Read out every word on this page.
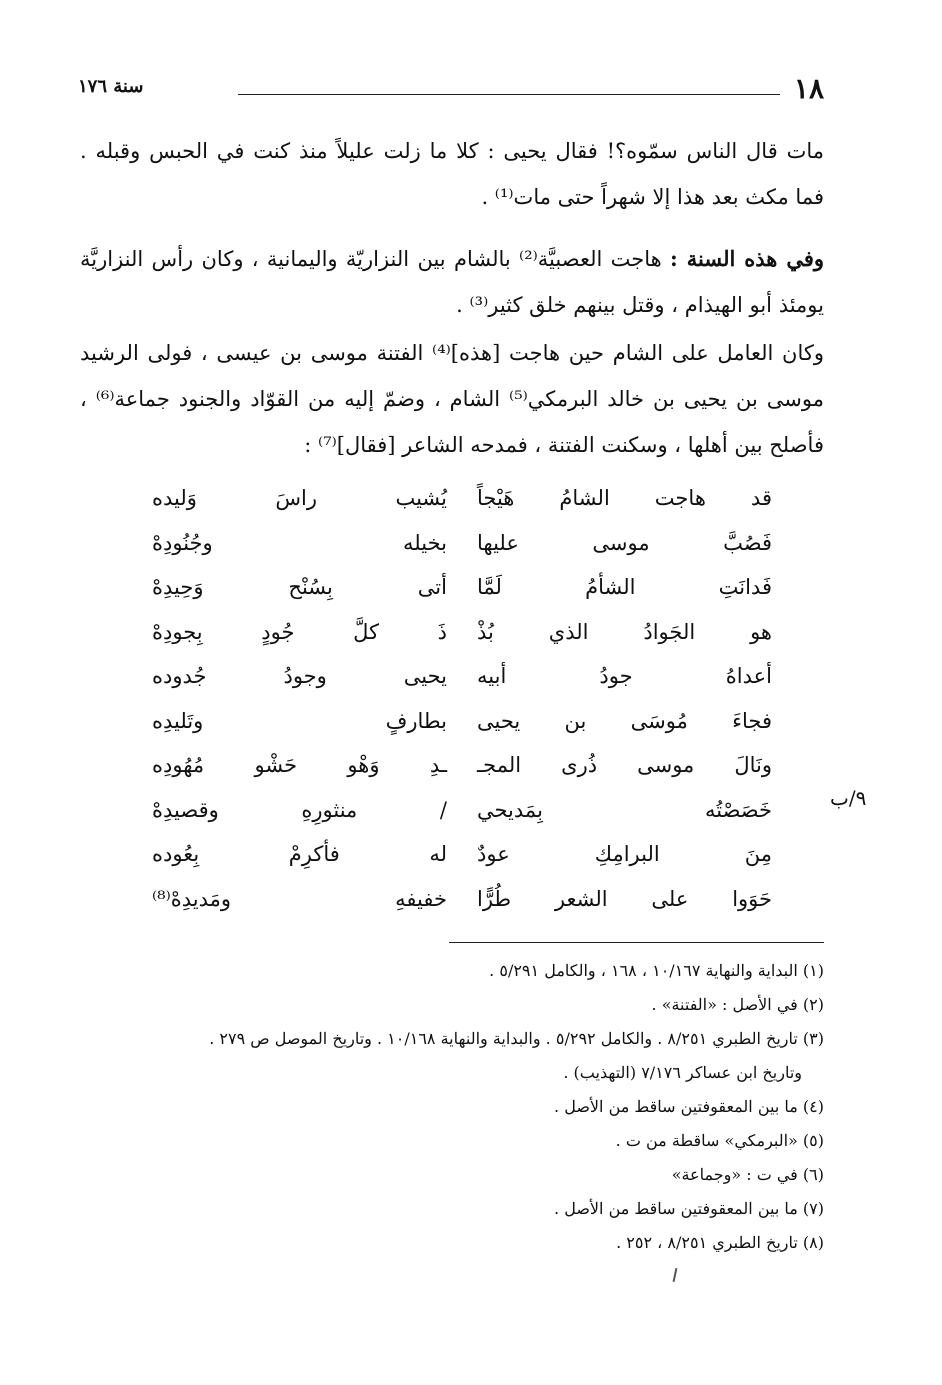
١٨
سنة ١٧٦
مات قال الناس سمّوه؟! فقال يحيى : كلا ما زلت عليلاً منذ كنت في الحبس وقبله . فما مكث بعد هذا إلا شهراً حتى مات⁽¹⁾ .
وفي هذه السنة : هاجت العصبيَّة⁽²⁾ بالشام بين النزاريّة واليمانية ، وكان رأس النزاريَّة يومئذ أبو الهيذام ، وقتل بينهم خلق كثير⁽³⁾ .
وكان العامل على الشام حين هاجت [هذه]⁽⁴⁾ الفتنة موسى بن عيسى ، فولى الرشيد موسى بن يحيى بن خالد البرمكي⁽⁵⁾ الشام ، وضمّ إليه من القوّاد والجنود جماعة⁽⁶⁾ ، فأصلح بين أهلها ، وسكنت الفتنة ، فمدحه الشاعر [فقال]⁽⁷⁾ :
قد هاجت الشامُ هَيْجاً
يُشيب راسَ وَليده
فَصُبَّ موسى عليها
بخيله وجُنُودِهْ
فَدانَتِ الشأمُ لَمَّا
أتى بِسُنْح وَحِيدِهْ
هو الجَوادُ الذي بُذْ
ذَ كلَّ جُودٍ بِجودِهْ
أعداهُ جودُ أبيه
يحيى وجودُ جُدوده
فجاءَ مُوسَى بن يحيى
بطارفٍ وتَليدِه
ونَالَ موسى ذُرى المجـ
ـدِ وَهْو حَشْو مُهُودِه
خَصَصْتُه بِمَديحي
/ منثورِهِ وقصيدِهْ
مِنَ البرامِكِ عودٌ
له فأكرِمْ بِعُوده
حَوَوا على الشعر طُرًّا
خفيفهِ ومَديدِهْ⁽⁸⁾
٩/ب
(١) البداية والنهاية ١٠/١٦٧ ، ١٦٨ ، والكامل ٥/٢٩١ .
(٢) في الأصل : «الفتنة» .
(٣) تاريخ الطبري ٨/٢٥١ . والكامل ٥/٢٩٢ . والبداية والنهاية ١٠/١٦٨ . وتاريخ الموصل ص ٢٧٩ .
وتاريخ ابن عساكر ٧/١٧٦ (التهذيب) .
(٤) ما بين المعقوفتين ساقط من الأصل .
(٥) «البرمكي» ساقطة من ت .
(٦) في ت : «وجماعة»
(٧) ما بين المعقوفتين ساقط من الأصل .
(٨) تاريخ الطبري ٨/٢٥١ ، ٢٥٢ .
